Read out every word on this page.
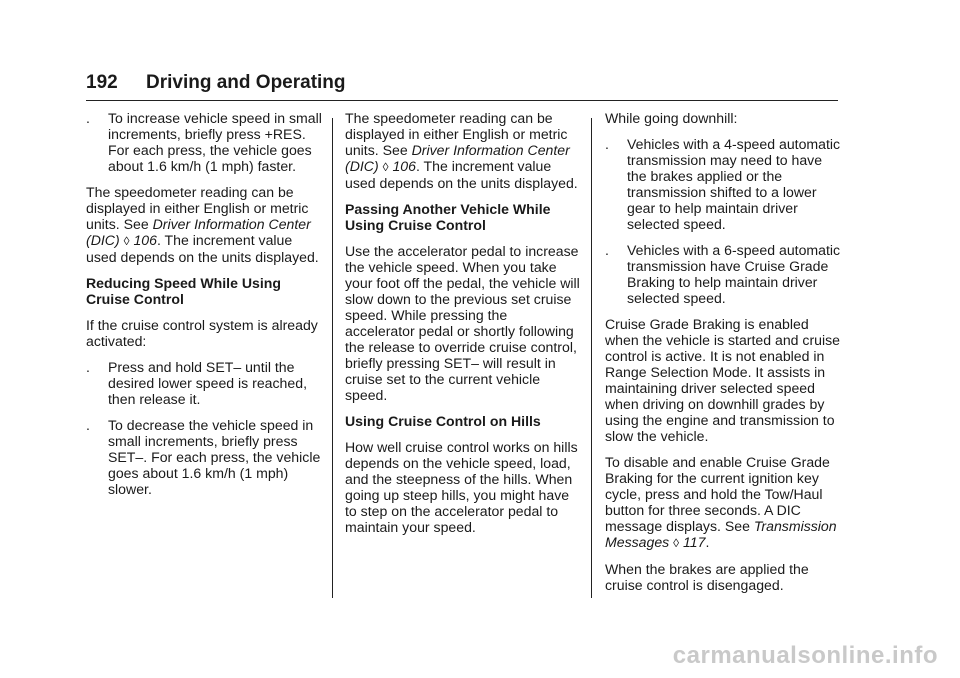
192 Driving and Operating
. To increase vehicle speed in small increments, briefly press +RES. For each press, the vehicle goes about 1.6 km/h (1 mph) faster.

The speedometer reading can be displayed in either English or metric units. See Driver Information Center (DIC) ◊ 106. The increment value used depends on the units displayed.

Reducing Speed While Using Cruise Control

If the cruise control system is already activated:

. Press and hold SET– until the desired lower speed is reached, then release it.
. To decrease the vehicle speed in small increments, briefly press SET–. For each press, the vehicle goes about 1.6 km/h (1 mph) slower.

The speedometer reading can be displayed in either English or metric units. See Driver Information Center (DIC) ◊ 106. The increment value used depends on the units displayed.

Passing Another Vehicle While Using Cruise Control

Use the accelerator pedal to increase the vehicle speed. When you take your foot off the pedal, the vehicle will slow down to the previous set cruise speed. While pressing the accelerator pedal or shortly following the release to override cruise control, briefly pressing SET– will result in cruise set to the current vehicle speed.

Using Cruise Control on Hills

How well cruise control works on hills depends on the vehicle speed, load, and the steepness of the hills. When going up steep hills, you might have to step on the accelerator pedal to maintain your speed.

While going downhill:

. Vehicles with a 4-speed automatic transmission may need to have the brakes applied or the transmission shifted to a lower gear to help maintain driver selected speed.
. Vehicles with a 6-speed automatic transmission have Cruise Grade Braking to help maintain driver selected speed.

Cruise Grade Braking is enabled when the vehicle is started and cruise control is active. It is not enabled in Range Selection Mode. It assists in maintaining driver selected speed when driving on downhill grades by using the engine and transmission to slow the vehicle.

To disable and enable Cruise Grade Braking for the current ignition key cycle, press and hold the Tow/Haul button for three seconds. A DIC message displays. See Transmission Messages ◊ 117.

When the brakes are applied the cruise control is disengaged.

carmanualsonline.info
